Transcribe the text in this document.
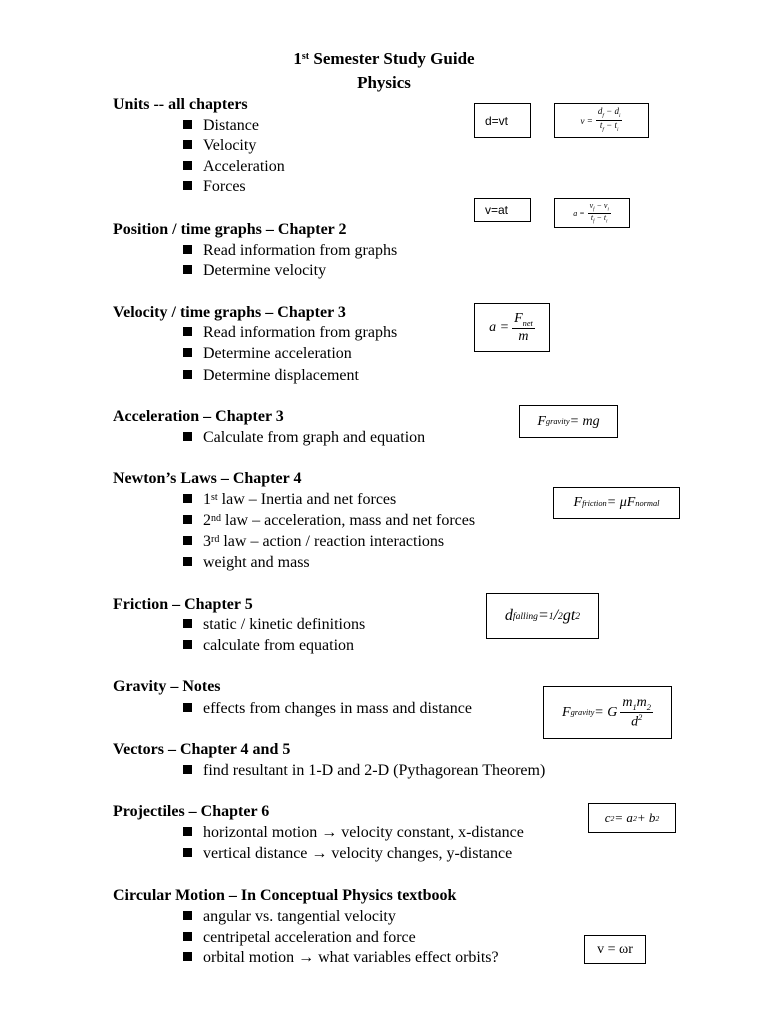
1st Semester Study Guide
Physics
Units -- all chapters
Distance
Velocity
Acceleration
Forces
Position / time graphs – Chapter 2
Read information from graphs
Determine velocity
Velocity / time graphs – Chapter 3
Read information from graphs
Determine acceleration
Determine displacement
Acceleration – Chapter 3
Calculate from graph and equation
Newton’s Laws – Chapter 4
1st law – Inertia and net forces
2nd law – acceleration, mass and net forces
3rd law – action / reaction interactions
weight and mass
Friction – Chapter 5
static / kinetic definitions
calculate from equation
Gravity – Notes
effects from changes in mass and distance
Vectors – Chapter 4 and 5
find resultant in 1-D and 2-D (Pythagorean Theorem)
Projectiles – Chapter 6
horizontal motion → velocity constant, x-distance
vertical distance → velocity changes, y-distance
Circular Motion – In Conceptual Physics textbook
angular vs. tangential velocity
centripetal acceleration and force
orbital motion → what variables effect orbits?
d=vt	$v = \frac{d_f - d_i}{t_f - t_i}$
v=at	$a = \frac{v_f - v_i}{t_f - t_i}$
$a = \frac{F_{net}}{m}$
F gravity = mg
F friction = μF normal
d falling = 1 / 2 gt 2
F gravity = G $\frac{m_1m_2}{d^2}$
c 2 = a 2 + b 2
v = ωr
